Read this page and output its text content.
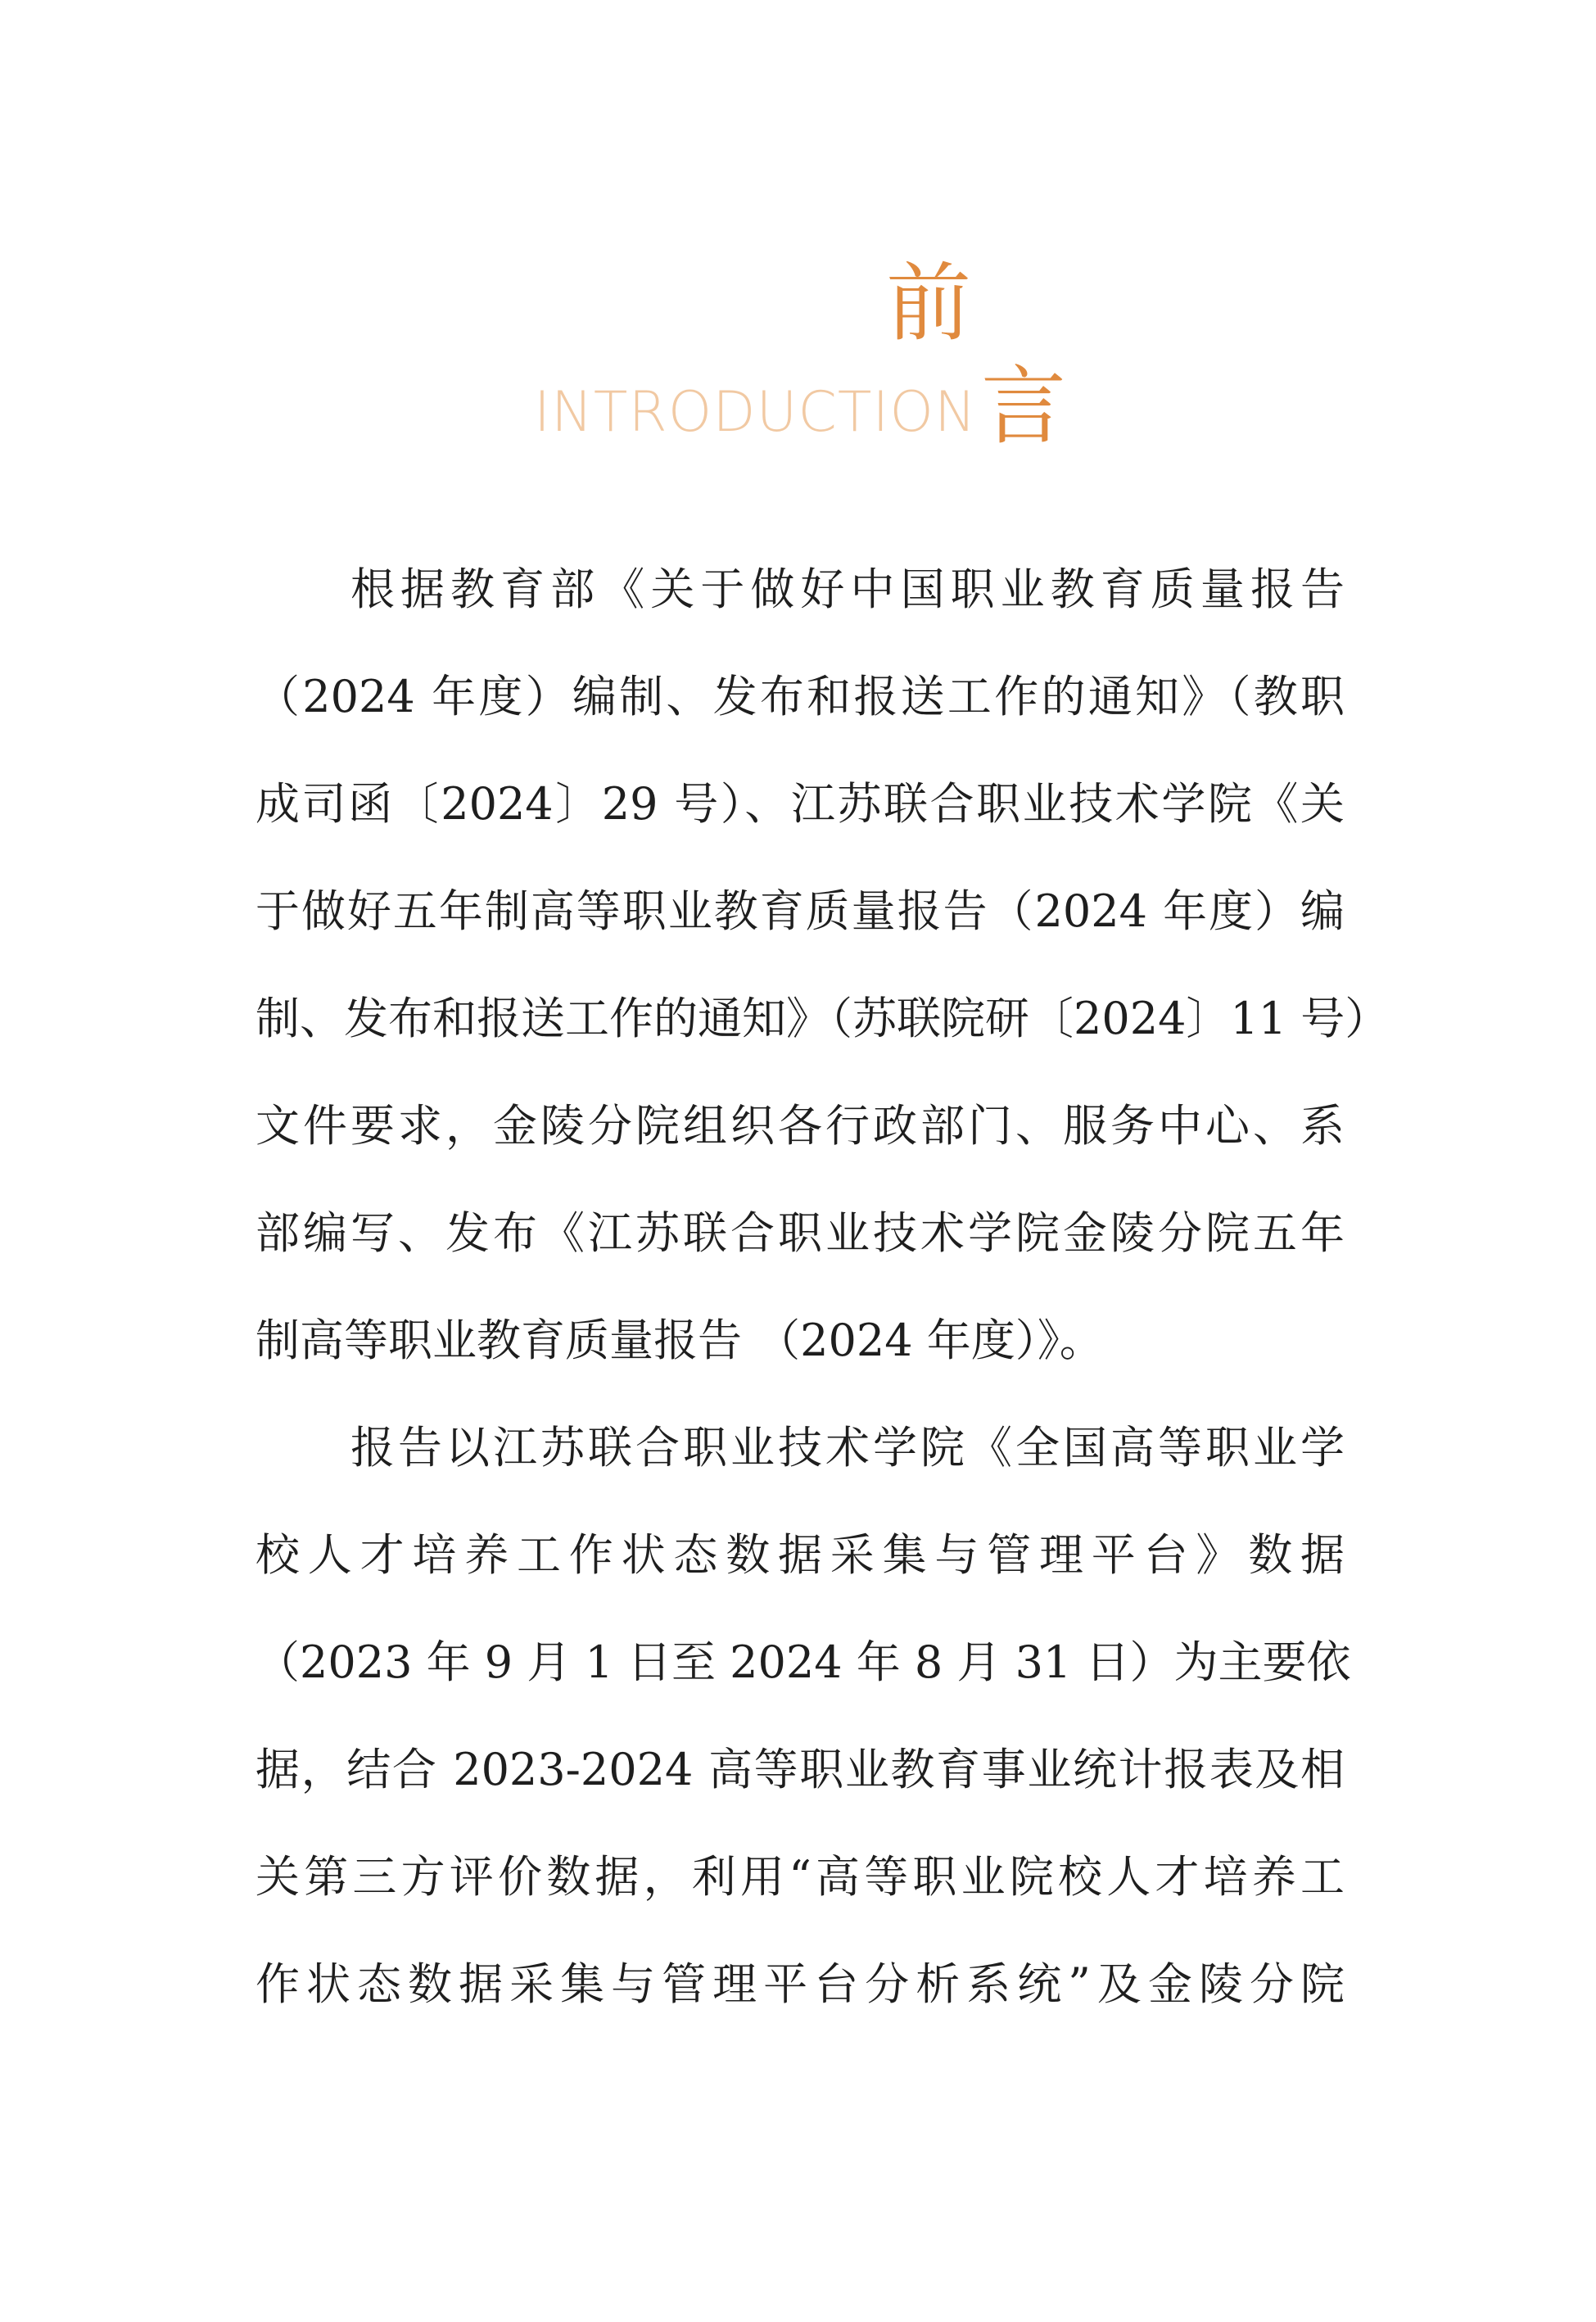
前
INTRODUCTION 言
根据教育部《关于做好中国职业教育质量报告
（2024 年度）编制、发布和报送工作的通知》（教职
成司函〔2024〕29 号）、江苏联合职业技术学院《关
于做好五年制高等职业教育质量报告（2024 年度）编
制、发布和报送工作的通知》（苏联院研〔2024〕11 号）
文件要求，金陵分院组织各行政部门、服务中心、系
部编写、发布《江苏联合职业技术学院金陵分院五年
制高等职业教育质量报告 （2024 年度）》。
报告以江苏联合职业技术学院《全国高等职业学
校人才培养工作状态数据采集与管理平台》数据
（2023 年 9 月 1 日至 2024 年 8 月 31 日）为主要依
据，结合 2023-2024 高等职业教育事业统计报表及相
关第三方评价数据，利用“高等职业院校人才培养工
作状态数据采集与管理平台分析系统”及金陵分院
